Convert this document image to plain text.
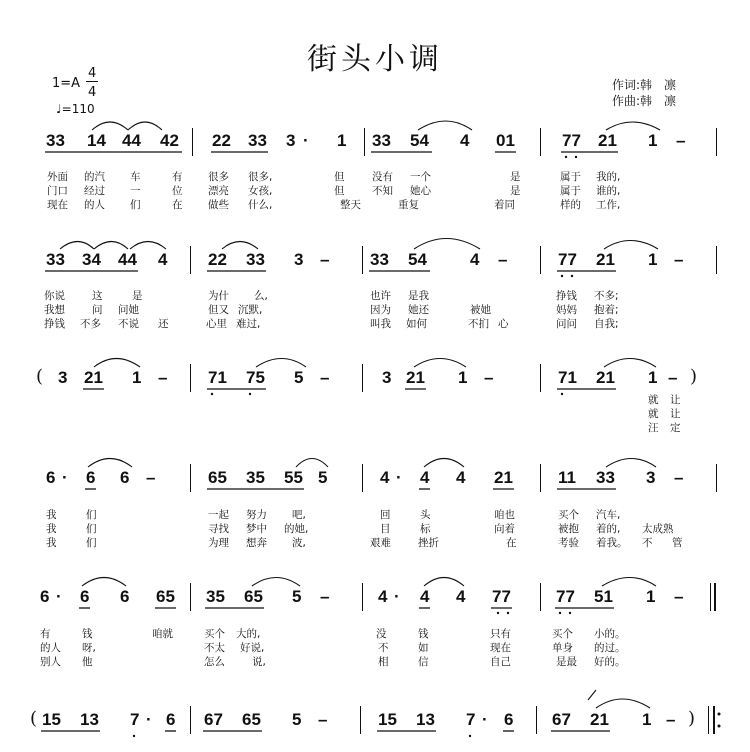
街头小调
1=A
4
4
♩=110
作词:韩　凛
作曲:韩　凛
33 14 44 42 22 33 3 · 1 33 54 4 01	77 21 1 –
外面 的汽 车	有 很多 很多,	但	没有 一个	是	属于 我的,
门口 经过 一	位 漂亮 女孩,	但	不知 她心	是	属于 谁的,
现在 的人 们	在 做些 什么,	整天	重复	着同	样的 工作,
33 34 44 4 22 33 3 – 33 54	4 –	77 21 1 –
你说	这	是	为什 么,	也许 是我	挣钱 不多;
我想	问 问她	但又 沉默,	因为 她还	被她	妈妈 抱着;
挣钱 不多 不说 还	心里 难过,	叫我 如何	不扪 心	问问 自我;
( 3 21 1 – 71 75 5 –	3 21 1 –	71 21 1 – )
就 让
就 让
汪 定
6 · 6 6 –	65 35 55 5	4 · 4 4 21	11 33 3 –
我	们	一起 努力 吧,	回	头	咱也	买个 汽车,
我	们	寻找 梦中 的她,	目	标	向着	被抱 着的, 太成熟
我	们	为理 想奔 波,	艰难	挫折	在	考验 着我。 不 管
6 · 6 6 65 35 65 5 –	4 · 4 4 77	77 51 1 –
有	钱	咱就	买个 大的,	没	钱	只有	买个 小的。
的人 呀,	不太 好说,	不	如	现在	单身 的过。
别人 他	怎么	说,	相	信	自己	是最 好的。
( 15 13 7 · 6 67 65 5 –	15 13 7 · 6 67 21 1 – )
